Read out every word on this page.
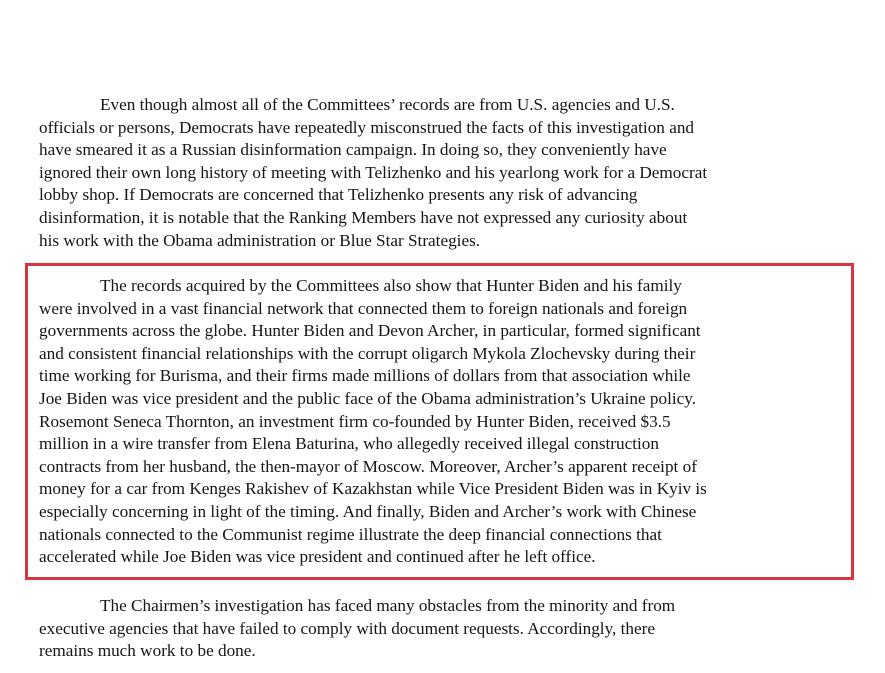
Even though almost all of the Committees’ records are from U.S. agencies and U.S.
officials or persons, Democrats have repeatedly misconstrued the facts of this investigation and
have smeared it as a Russian disinformation campaign. In doing so, they conveniently have
ignored their own long history of meeting with Telizhenko and his yearlong work for a Democrat
lobby shop. If Democrats are concerned that Telizhenko presents any risk of advancing
disinformation, it is notable that the Ranking Members have not expressed any curiosity about
his work with the Obama administration or Blue Star Strategies.

The records acquired by the Committees also show that Hunter Biden and his family
were involved in a vast financial network that connected them to foreign nationals and foreign
governments across the globe. Hunter Biden and Devon Archer, in particular, formed significant
and consistent financial relationships with the corrupt oligarch Mykola Zlochevsky during their
time working for Burisma, and their firms made millions of dollars from that association while
Joe Biden was vice president and the public face of the Obama administration’s Ukraine policy.
Rosemont Seneca Thornton, an investment firm co-founded by Hunter Biden, received $3.5
million in a wire transfer from Elena Baturina, who allegedly received illegal construction
contracts from her husband, the then-mayor of Moscow. Moreover, Archer’s apparent receipt of
money for a car from Kenges Rakishev of Kazakhstan while Vice President Biden was in Kyiv is
especially concerning in light of the timing. And finally, Biden and Archer’s work with Chinese
nationals connected to the Communist regime illustrate the deep financial connections that
accelerated while Joe Biden was vice president and continued after he left office.

The Chairmen’s investigation has faced many obstacles from the minority and from
executive agencies that have failed to comply with document requests. Accordingly, there
remains much work to be done.
